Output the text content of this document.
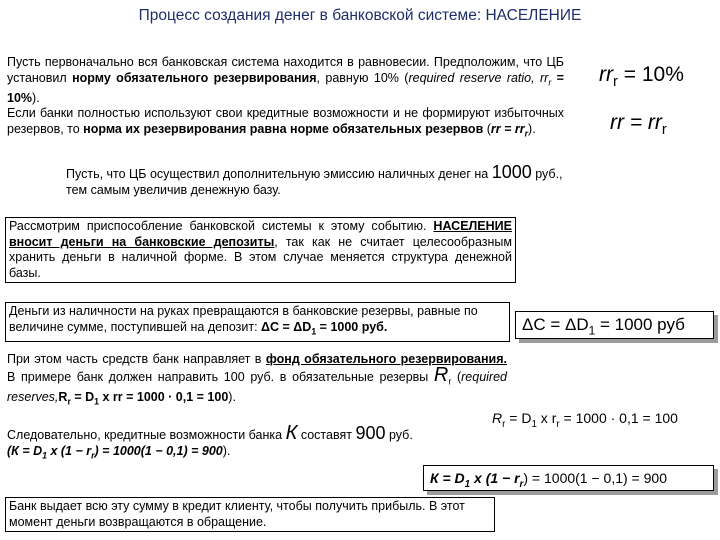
Процесс создания денег в банковской системе: НАСЕЛЕНИЕ
Пусть первоначально вся банковская система находится в равновесии. Предположим, что ЦБ установил норму обязательного резервирования, равную 10% (required reserve ratio, $rr_r = 10\%$).
Если банки полностью используют свои кредитные возможности и не формируют избыточных резервов, то норма их резервирования равна норме обязательных резервов $(rr = rr_r)$.
$rr_r = 10\%$
rr = $rr_r$
Пусть, что ЦБ осуществил дополнительную эмиссию наличных денег на 1000 руб.,
тем самым увеличив денежную базу.
Рассмотрим приспособление банковской системы к этому событию. НАСЕЛЕНИЕ вносит деньги на банковские депозиты, так как не считает целесообразным хранить деньги в наличной форме. В этом случае меняется структура денежной базы.
Деньги из наличности на руках превращаются в банковские резервы, равные по величине сумме, поступившей на депозит: $\Delta C = \Delta D_1 = 1000$ руб.	$\Delta C = \Delta D_1 = 1000$ руб
При этом часть средств банк направляет в фонд обязательного резервирования. В примере банк должен направить 100 руб. в обязательные резервы $R_r$ (required $reserves,R_r = D_1$ x rr = 1000 · 0,1 = 100).
$R_r = D_1$ x $r_r = 1000 \cdot 0,1 = 100$
Следовательно, кредитные возможности банка К составят 900 руб.
($К = D_1$ x $(1 - r_r) = 1000(1 - 0,1) = 900$).
$К = D_1$ x $(1 - r_r) = 1000(1 - 0,1) = 900$
Банк выдает всю эту сумму в кредит клиенту, чтобы получить прибыль. В этот момент деньги возвращаются в обращение.
